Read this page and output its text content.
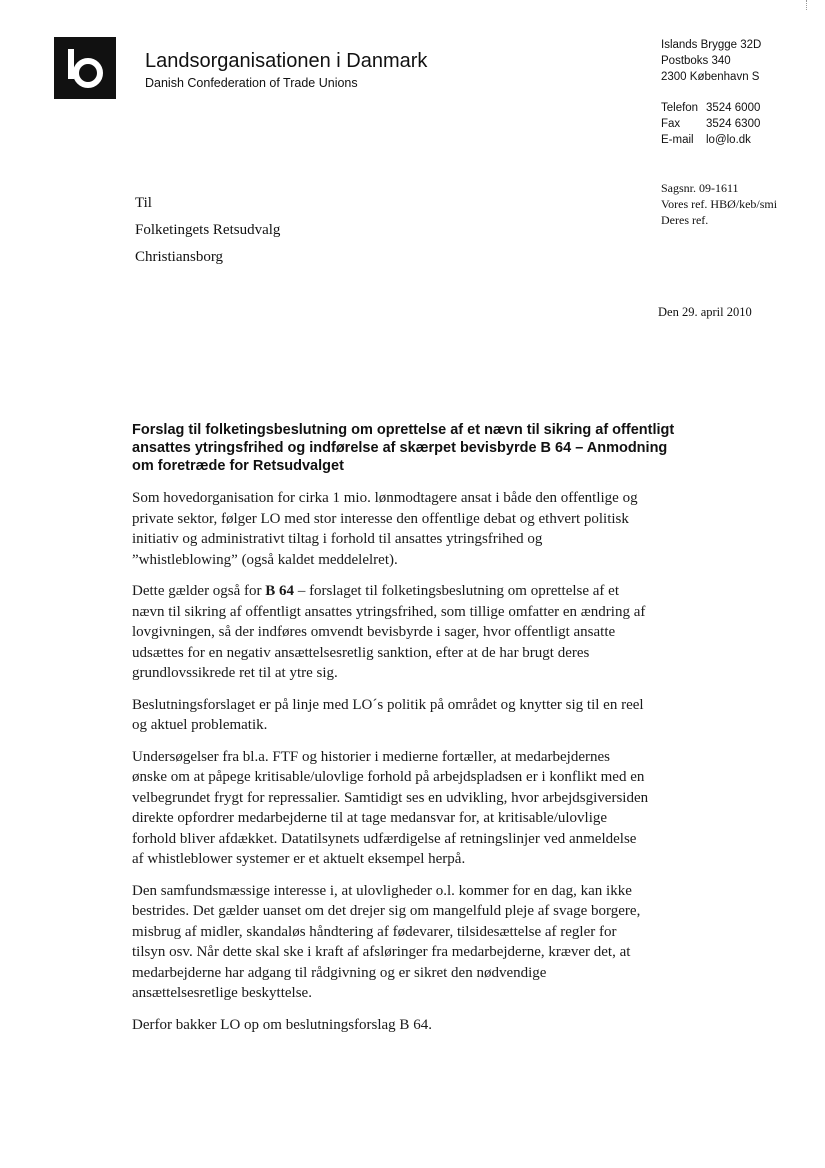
Landsorganisationen i Danmark
Danish Confederation of Trade Unions
Islands Brygge 32D
Postboks 340
2300 København S
Telefon 3524 6000
Fax 3524 6300
E-mail lo@lo.dk
Til
Folketingets Retsudvalg
Christiansborg
Sagsnr. 09-1611
Vores ref. HBØ/keb/smi
Deres ref.
Den 29. april 2010
Forslag til folketingsbeslutning om oprettelse af et nævn til sikring af offentligt
ansattes ytringsfrihed og indførelse af skærpet bevisbyrde B 64 – Anmodning
om foretræde for Retsudvalget
Som hovedorganisation for cirka 1 mio. lønmodtagere ansat i både den offentlige og
private sektor, følger LO med stor interesse den offentlige debat og ethvert politisk
initiativ og administrativt tiltag i forhold til ansattes ytringsfrihed og
”whistleblowing” (også kaldet meddelelret).
Dette gælder også for B 64 – forslaget til folketingsbeslutning om oprettelse af et
nævn til sikring af offentligt ansattes ytringsfrihed, som tillige omfatter en ændring af
lovgivningen, så der indføres omvendt bevisbyrde i sager, hvor offentligt ansatte
udsættes for en negativ ansættelsesretlig sanktion, efter at de har brugt deres
grundlovssikrede ret til at ytre sig.
Beslutningsforslaget er på linje med LO´s politik på området og knytter sig til en reel
og aktuel problematik.
Undersøgelser fra bl.a. FTF og historier i medierne fortæller, at medarbejdernes
ønske om at påpege kritisable/ulovlige forhold på arbejdspladsen er i konflikt med en
velbegrundet frygt for repressalier. Samtidigt ses en udvikling, hvor arbejdsgiversiden
direkte opfordrer medarbejderne til at tage medansvar for, at kritisable/ulovlige
forhold bliver afdækket. Datatilsynets udfærdigelse af retningslinjer ved anmeldelse
af whistleblower systemer er et aktuelt eksempel herpå.
Den samfundsmæssige interesse i, at ulovligheder o.l. kommer for en dag, kan ikke
bestrides. Det gælder uanset om det drejer sig om mangelfuld pleje af svage borgere,
misbrug af midler, skandaløs håndtering af fødevarer, tilsidesættelse af regler for
tilsyn osv. Når dette skal ske i kraft af afsløringer fra medarbejderne, kræver det, at
medarbejderne har adgang til rådgivning og er sikret den nødvendige
ansættelsesretlige beskyttelse.
Derfor bakker LO op om beslutningsforslag B 64.
